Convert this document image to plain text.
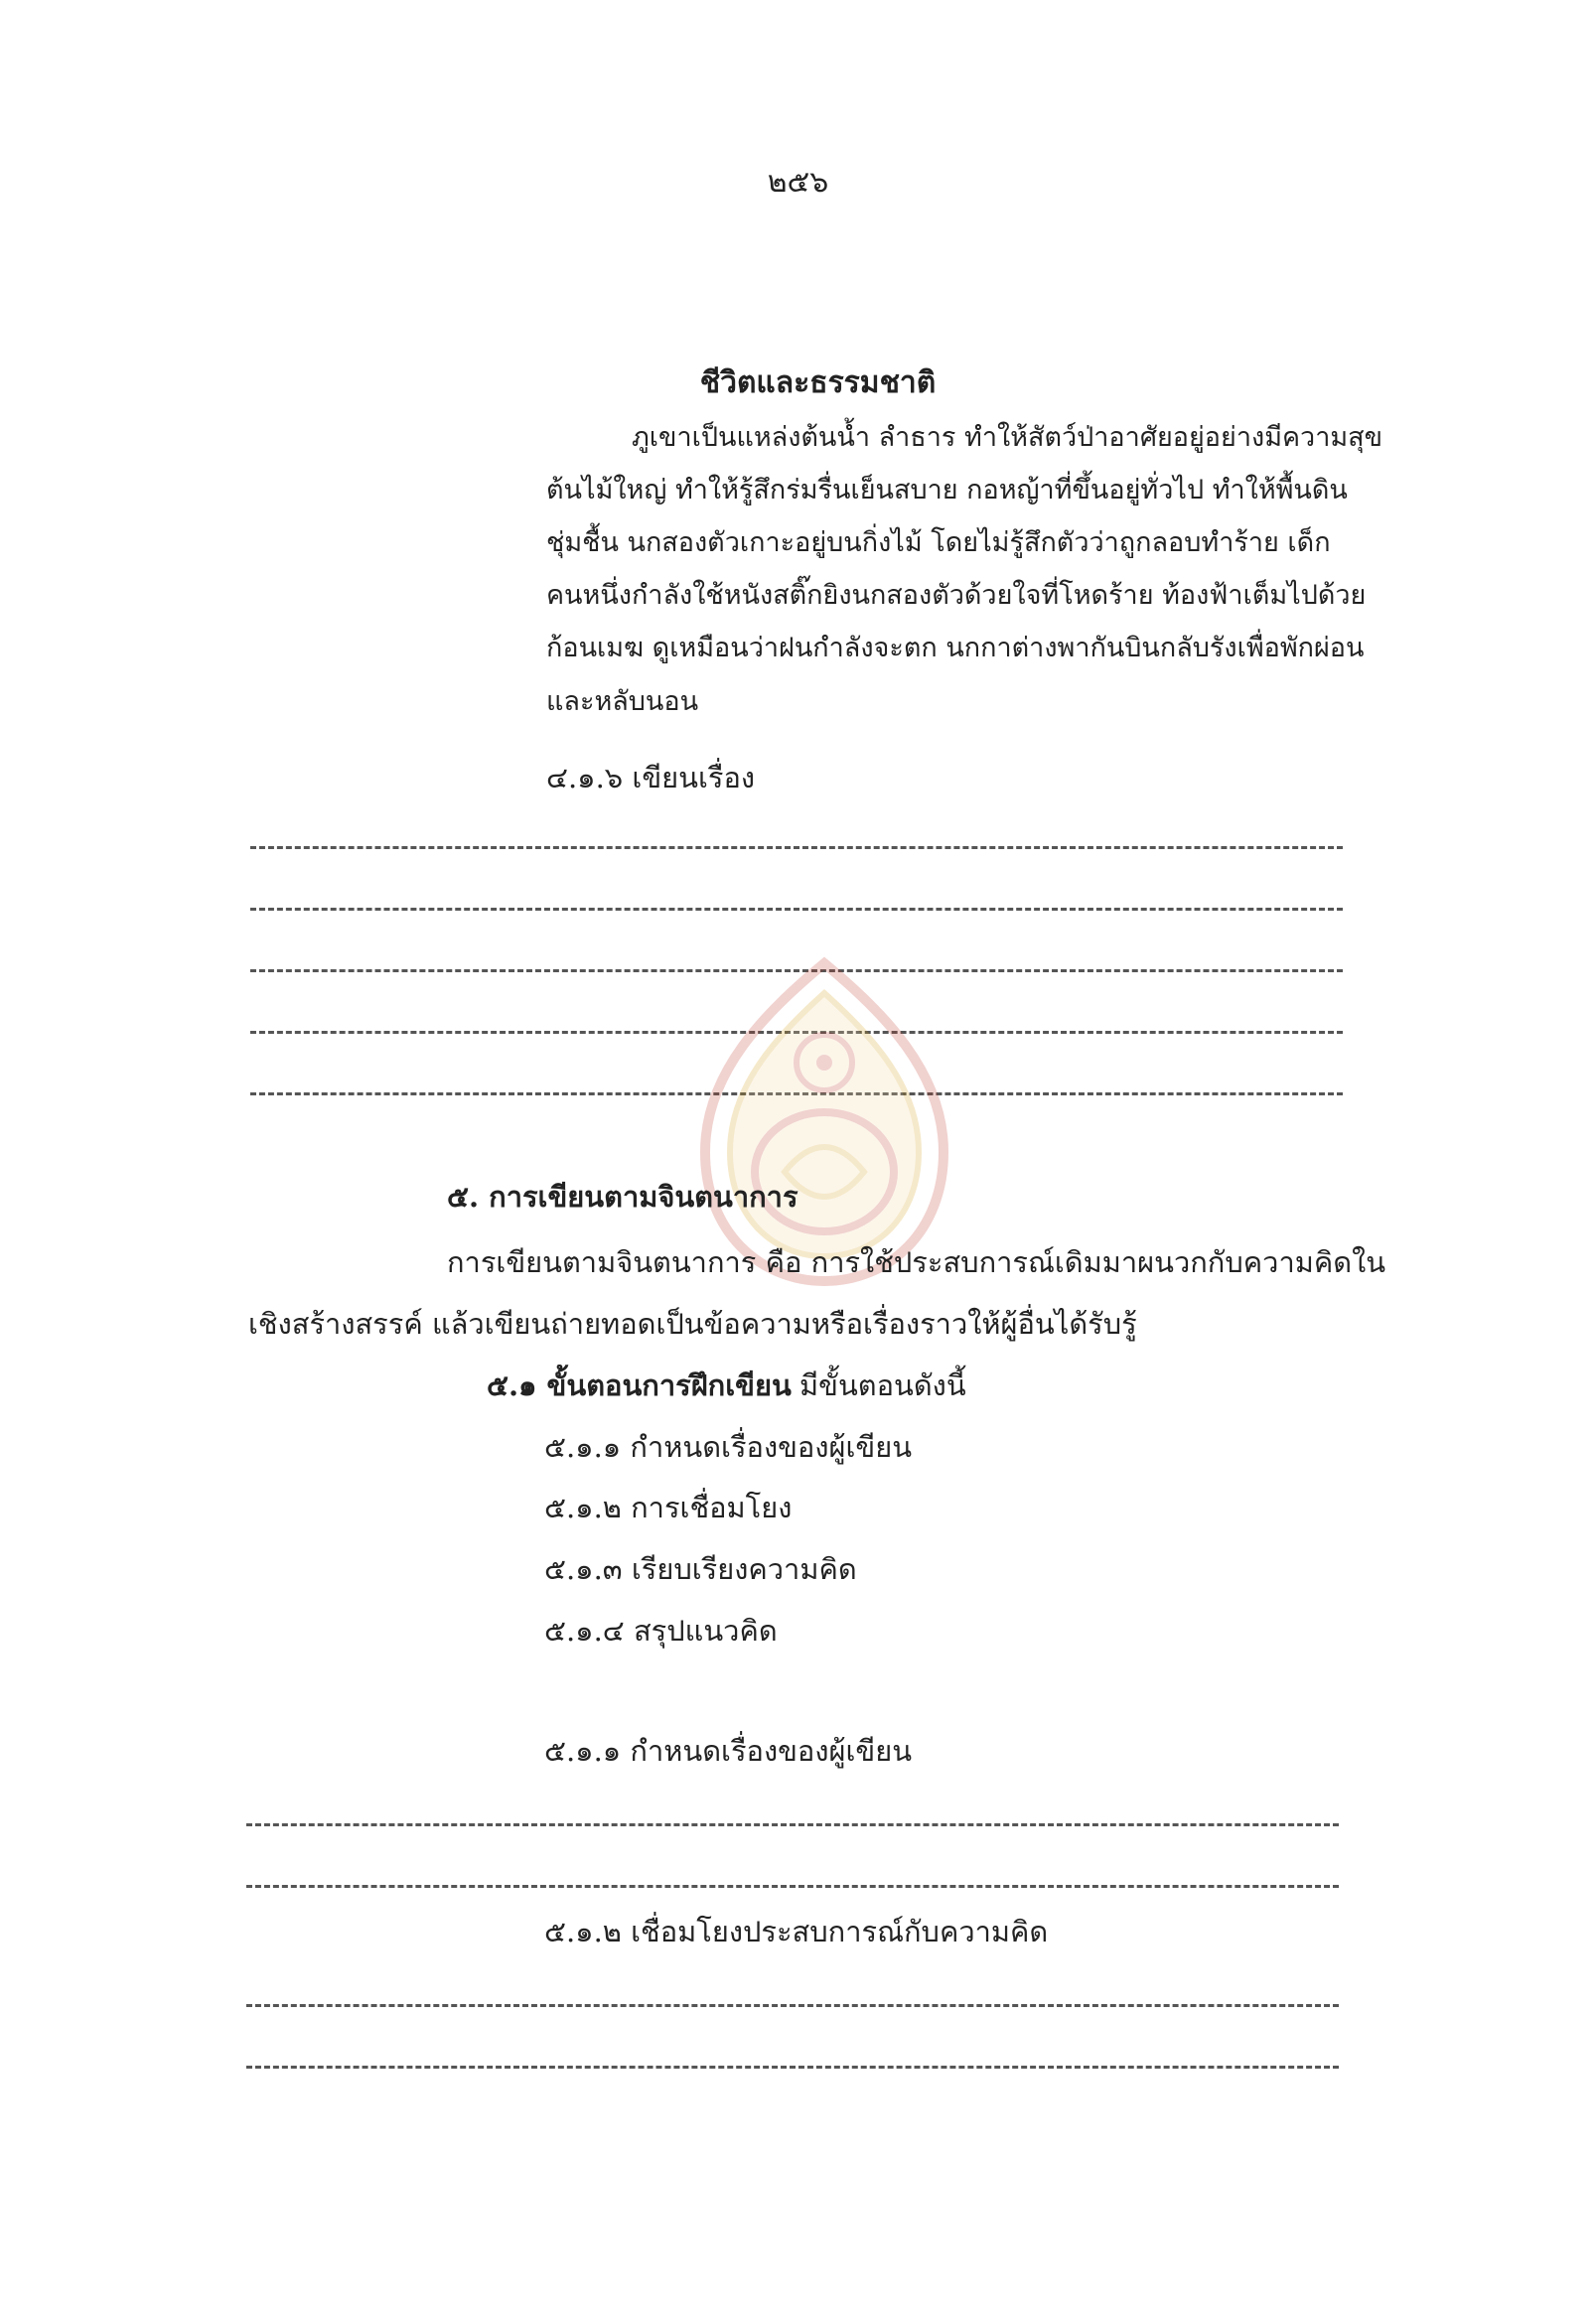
๒๕๖
ชีวิตและธรรมชาติ
ภูเขาเป็นแหล่งต้นน้ำ ลำธาร ทำให้สัตว์ป่าอาศัยอยู่อย่างมีความสุข
ต้นไม้ใหญ่ ทำให้รู้สึกร่มรื่นเย็นสบาย กอหญ้าที่ขึ้นอยู่ทั่วไป ทำให้พื้นดิน
ชุ่มชื้น นกสองตัวเกาะอยู่บนกิ่งไม้ โดยไม่รู้สึกตัวว่าถูกลอบทำร้าย เด็ก
คนหนึ่งกำลังใช้หนังสติ๊กยิงนกสองตัวด้วยใจที่โหดร้าย ท้องฟ้าเต็มไปด้วย
ก้อนเมฆ ดูเหมือนว่าฝนกำลังจะตก นกกาต่างพากันบินกลับรังเพื่อพักผ่อน
และหลับนอน
๔.๑.๖ เขียนเรื่อง
๕. การเขียนตามจินตนาการ
การเขียนตามจินตนาการ คือ การใช้ประสบการณ์เดิมมาผนวกกับความคิดใน
เชิงสร้างสรรค์ แล้วเขียนถ่ายทอดเป็นข้อความหรือเรื่องราวให้ผู้อื่นได้รับรู้
๕.๑ ขั้นตอนการฝึกเขียน มีขั้นตอนดังนี้
๕.๑.๑ กำหนดเรื่องของผู้เขียน
๕.๑.๒ การเชื่อมโยง
๕.๑.๓ เรียบเรียงความคิด
๕.๑.๔ สรุปแนวคิด
๕.๑.๑ กำหนดเรื่องของผู้เขียน
๕.๑.๒ เชื่อมโยงประสบการณ์กับความคิด
